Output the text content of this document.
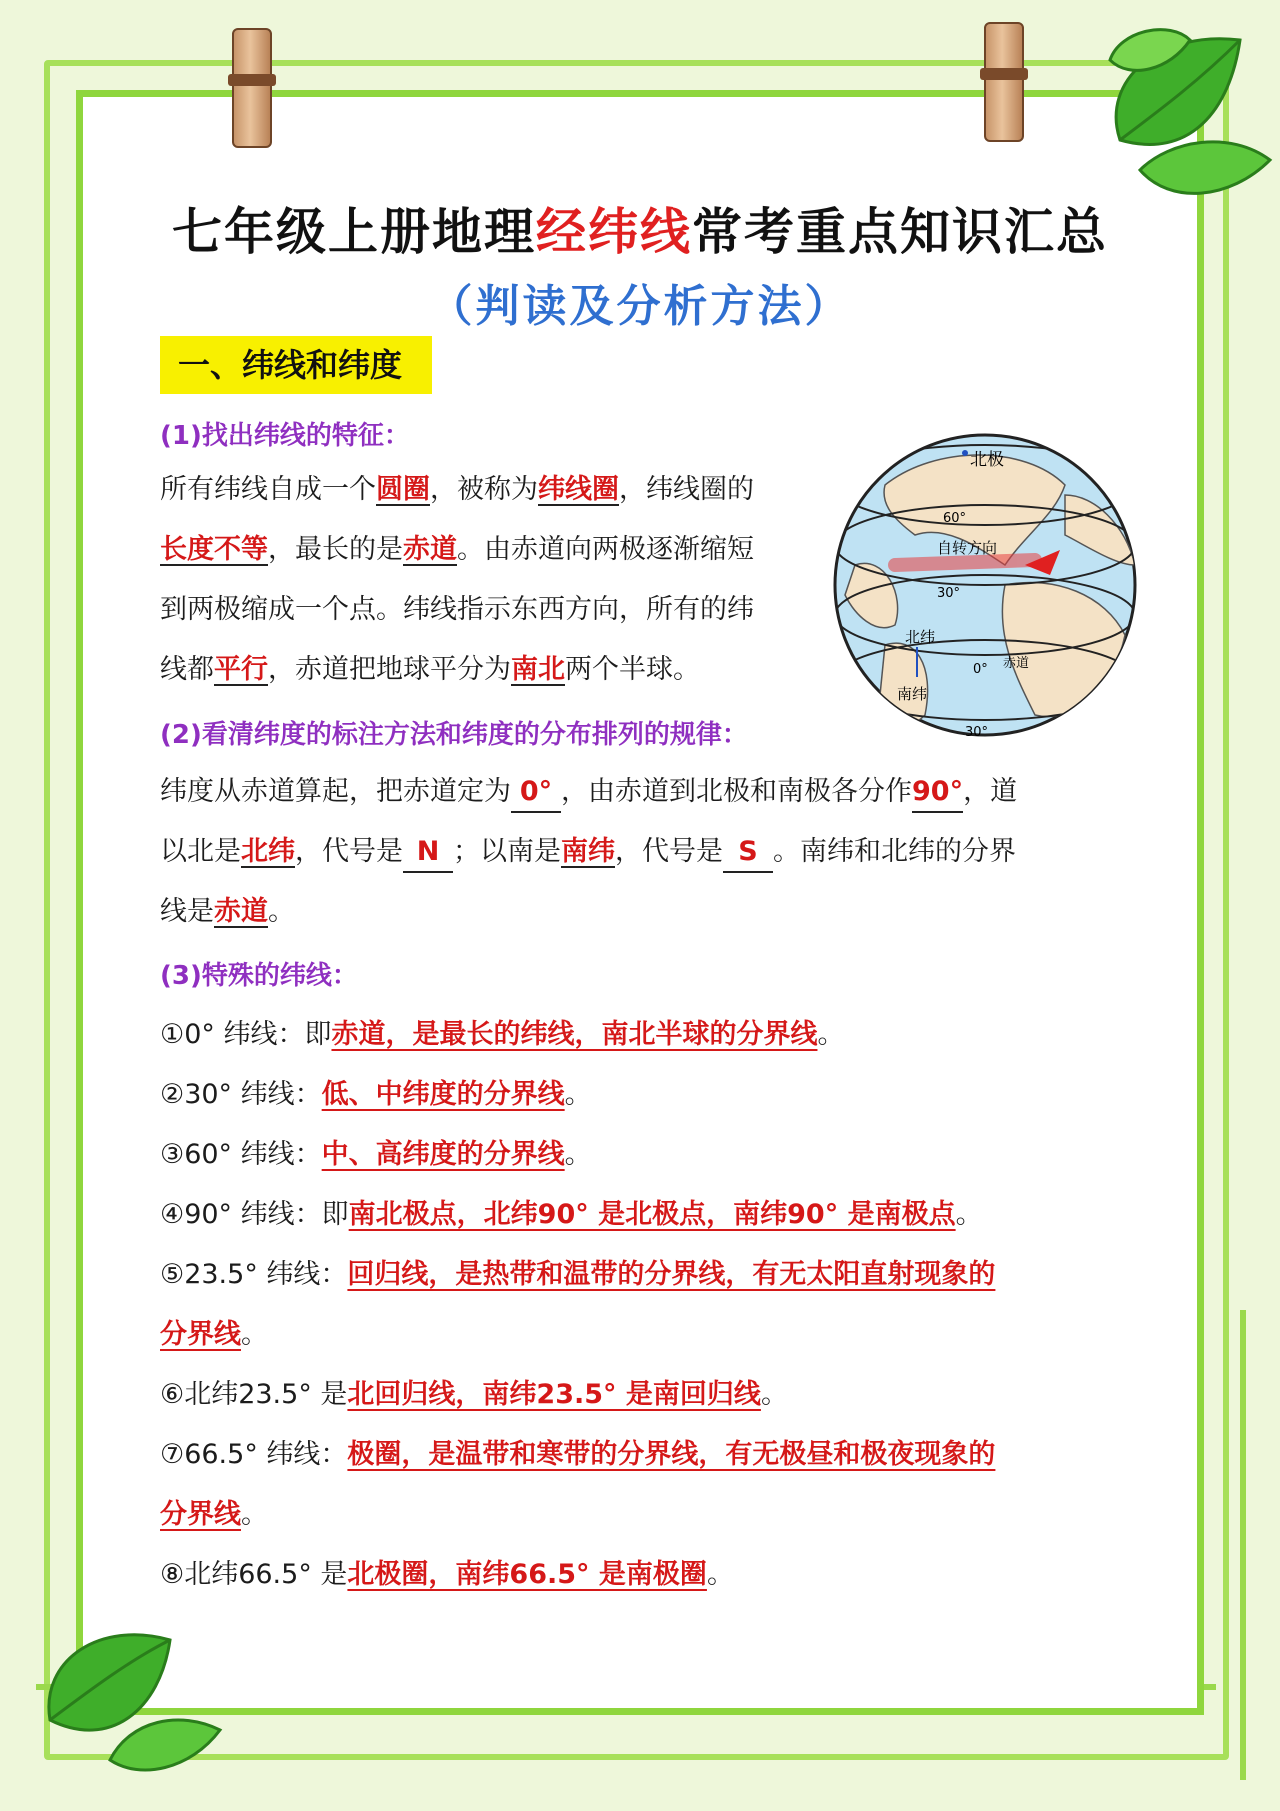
七年级上册地理经纬线常考重点知识汇总
（判读及分析方法）
一、纬线和纬度
(1)找出纬线的特征：
所有纬线自成一个圆圈，被称为纬线圈，纬线圈的
长度不等，最长的是赤道。由赤道向两极逐渐缩短
到两极缩成一个点。纬线指示东西方向，所有的纬
线都平行，赤道把地球平分为南北两个半球。
北极
60°
自转方向
30°
北纬
南纬
0° 赤道
30°
(2)看清纬度的标注方法和纬度的分布排列的规律：
纬度从赤道算起，把赤道定为 0° ，由赤道到北极和南极各分作90°，道
以北是北纬，代号是 N ；以南是南纬，代号是 S 。南纬和北纬的分界
线是赤道。
(3)特殊的纬线：
①0° 纬线：即赤道，是最长的纬线，南北半球的分界线。
②30° 纬线：低、中纬度的分界线。
③60° 纬线：中、高纬度的分界线。
④90° 纬线：即南北极点，北纬90° 是北极点，南纬90° 是南极点。
⑤23.5° 纬线：回归线，是热带和温带的分界线，有无太阳直射现象的
分界线。
⑥北纬23.5° 是北回归线，南纬23.5° 是南回归线。
⑦66.5° 纬线：极圈，是温带和寒带的分界线，有无极昼和极夜现象的
分界线。
⑧北纬66.5° 是北极圈，南纬66.5° 是南极圈。
